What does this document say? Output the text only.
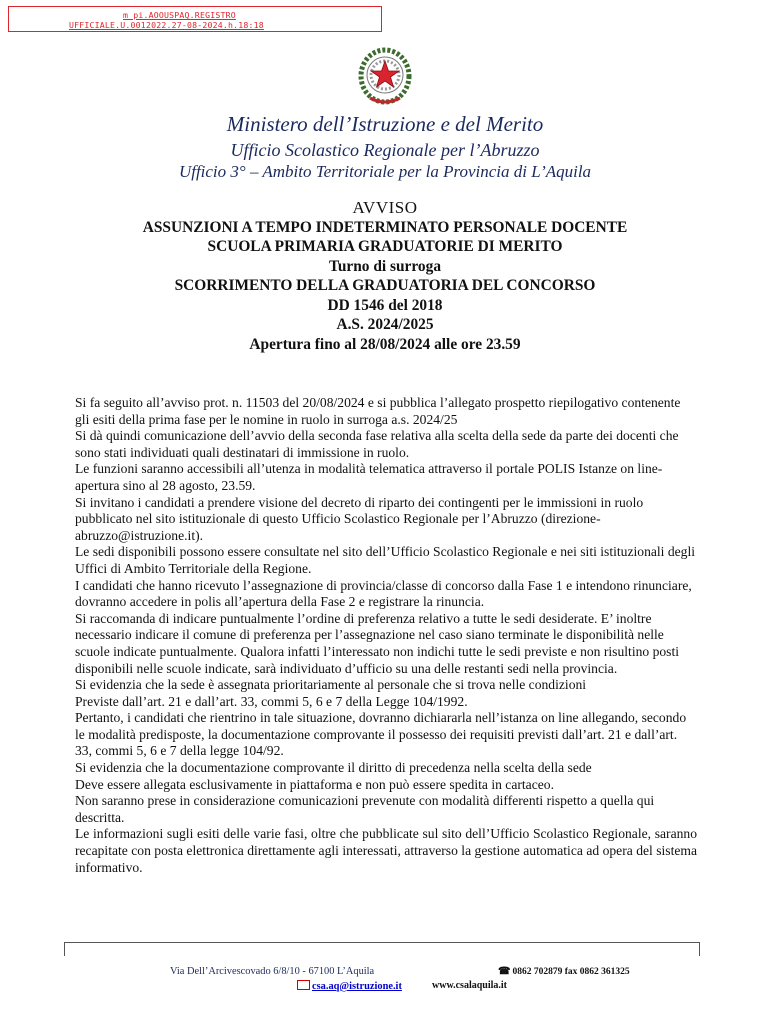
m_pi.AOOUSPAQ.REGISTRO
UFFICIALE.U.0012022.27-08-2024.h.18:18
Ministero dell’Istruzione e del Merito
Ufficio Scolastico Regionale per l’Abruzzo
Ufficio 3° – Ambito Territoriale per la Provincia di L’Aquila
AVVISO
ASSUNZIONI A TEMPO INDETERMINATO PERSONALE DOCENTE
SCUOLA PRIMARIA GRADUATORIE DI MERITO
Turno di surroga
SCORRIMENTO DELLA GRADUATORIA DEL CONCORSO
DD 1546 del 2018
A.S. 2024/2025
Apertura fino al 28/08/2024 alle ore 23.59

Si fa seguito all’avviso prot. n. 11503 del 20/08/2024 e si pubblica l’allegato prospetto riepilogativo contenente gli esiti della prima fase per le nomine in ruolo in surroga a.s. 2024/25

Si dà quindi comunicazione dell’avvio della seconda fase relativa alla scelta della sede da parte dei docenti che sono stati individuati quali destinatari di immissione in ruolo.

Le funzioni saranno accessibili all’utenza in modalità telematica attraverso il portale POLIS Istanze on line- apertura sino al 28 agosto, 23.59.

Si invitano i candidati a prendere visione del decreto di riparto dei contingenti per le immissioni in ruolo pubblicato nel sito istituzionale di questo Ufficio Scolastico Regionale per l’Abruzzo (direzione-abruzzo@istruzione.it).

Le sedi disponibili possono essere consultate nel sito dell’Ufficio Scolastico Regionale e nei siti istituzionali degli Uffici di Ambito Territoriale della Regione.

I candidati che hanno ricevuto l’assegnazione di provincia/classe di concorso dalla Fase 1 e intendono rinunciare, dovranno accedere in polis all’apertura della Fase 2 e registrare la rinuncia.

Si raccomanda di indicare puntualmente l’ordine di preferenza relativo a tutte le sedi desiderate. E’ inoltre necessario indicare il comune di preferenza per l’assegnazione nel caso siano terminate le disponibilità nelle scuole indicate puntualmente. Qualora infatti l’interessato non indichi tutte le sedi previste e non risultino posti disponibili nelle scuole indicate, sarà individuato d’ufficio su una delle restanti sedi nella provincia.

Si evidenzia che la sede è assegnata prioritariamente al personale che si trova nelle condizioni

Previste dall’art. 21 e dall’art. 33, commi 5, 6 e 7 della Legge 104/1992.

Pertanto, i candidati che rientrino in tale situazione, dovranno dichiararla nell’istanza on line allegando, secondo le modalità predisposte, la documentazione comprovante il possesso dei requisiti previsti dall’art. 21 e dall’art. 33, commi 5, 6 e 7 della legge 104/92.

Si evidenzia che la documentazione comprovante il diritto di precedenza nella scelta della sede

Deve essere allegata esclusivamente in piattaforma e non può essere spedita in cartaceo.

Non saranno prese in considerazione comunicazioni prevenute con modalità differenti rispetto a quella qui descritta.

Le informazioni sugli esiti delle varie fasi, oltre che pubblicate sul sito dell’Ufficio Scolastico Regionale, saranno recapitate con posta elettronica direttamente agli interessati, attraverso la gestione automatica ad opera del sistema informativo.

Via Dell’Arcivescovado 6/8/10 - 67100 L’Aquila	☎ 0862 702879 fax 0862 361325
csa.aq@istruzione.it	www.csalaquila.it
